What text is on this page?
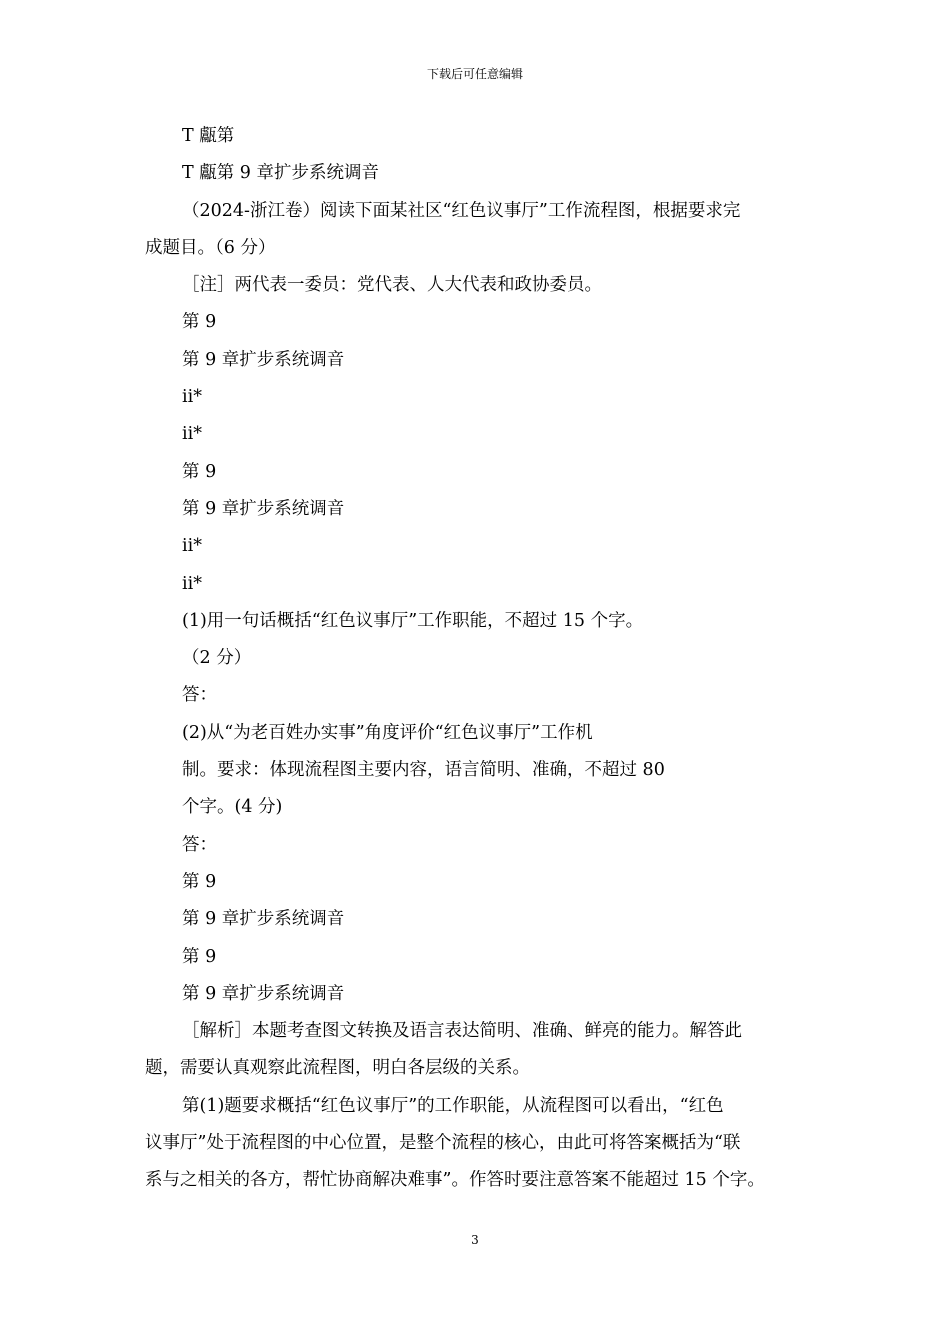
下载后可任意编辑
T 甗第
T 甗第 9 章扩步系统调音
（2024-浙江卷）阅读下面某社区“红色议事厅”工作流程图，根据要求完
成题目。（6 分）
［注］两代表一委员：党代表、人大代表和政协委员。
第 9
第 9 章扩步系统调音
ii*
ii*
第 9
第 9 章扩步系统调音
ii*
ii*
(1)用一句话概括“红色议事厅”工作职能，不超过 15 个字。
（2 分）
答：
(2)从“为老百姓办实事”角度评价“红色议事厅”工作机
制。要求：体现流程图主要内容，语言简明、准确，不超过 80
个字。(4 分)
答：
第 9
第 9 章扩步系统调音
第 9
第 9 章扩步系统调音
［解析］本题考查图文转换及语言表达简明、准确、鲜亮的能力。解答此
题，需要认真观察此流程图，明白各层级的关系。
第(1)题要求概括“红色议事厅”的工作职能，从流程图可以看出，“红色
议事厅”处于流程图的中心位置，是整个流程的核心，由此可将答案概括为“联
系与之相关的各方，帮忙协商解决难事”。作答时要注意答案不能超过 15 个字。
3
